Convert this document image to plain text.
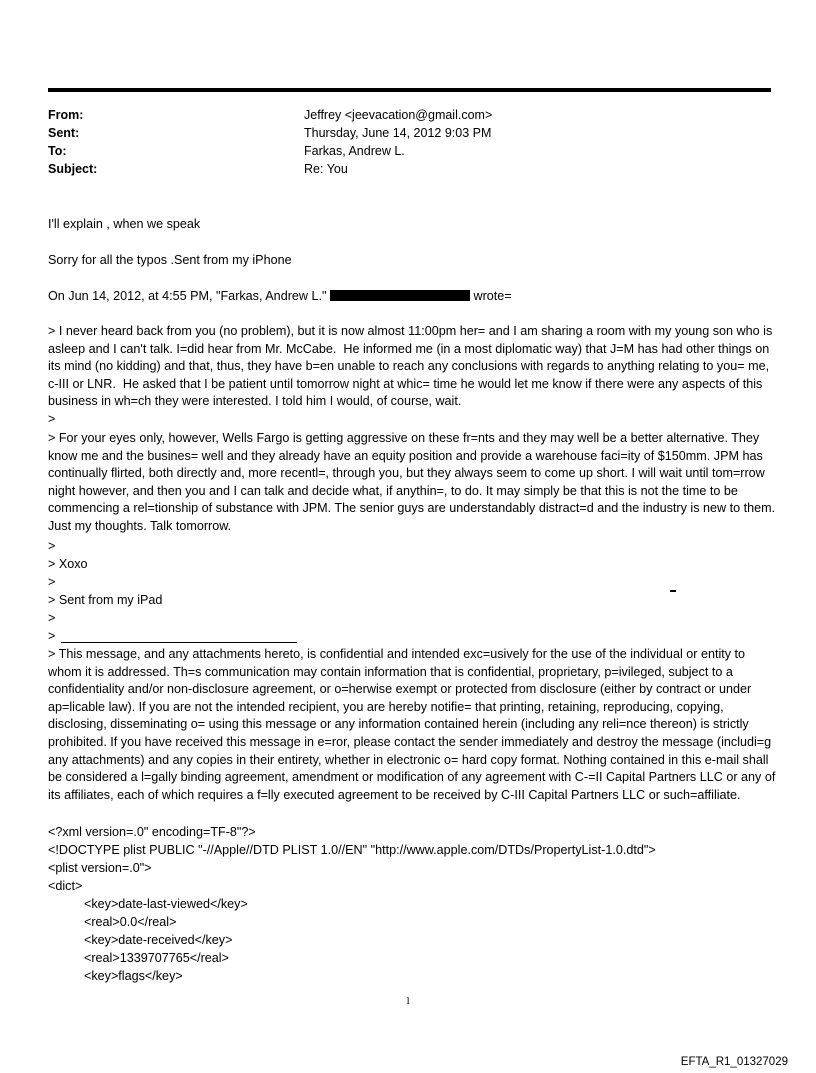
From:	Jeffrey <jeevacation@gmail.com>
Sent:	Thursday, June 14, 2012 9:03 PM
To:	Farkas, Andrew L.
Subject:	Re: You
I'll explain , when we speak
Sorry for all the typos .Sent from my iPhone
On Jun 14, 2012, at 4:55 PM, "Farkas, Andrew L."	wrote=
> I never heard back from you (no problem), but it is now almost 11:00pm her= and I am sharing a room with my young son who is asleep and I can't talk. I=did hear from Mr. McCabe.  He informed me (in a most diplomatic way) that J=M has had other things on its mind (no kidding) and that, thus, they have b=en unable to reach any conclusions with regards to anything relating to you= me, c-III or LNR.  He asked that I be patient until tomorrow night at whic= time he would let me know if there were any aspects of this business in wh=ch they were interested. I told him I would, of course, wait.
>
> For your eyes only, however, Wells Fargo is getting aggressive on these fr=nts and they may well be a better alternative. They know me and the busines= well and they already have an equity position and provide a warehouse faci=ity of $150mm. JPM has continually flirted, both directly and, more recentl=, through you, but they always seem to come up short. I will wait until tom=rrow night however, and then you and I can talk and decide what, if anythin=, to do. It may simply be that this is not the time to be commencing a rel=tionship of substance with JPM. The senior guys are understandably distract=d and the industry is new to them. Just my thoughts. Talk tomorrow.
>
> Xoxo
>
> Sent from my iPad
>
>
> This message, and any attachments hereto, is confidential and intended exc=usively for the use of the individual or entity to whom it is addressed. Th=s communication may contain information that is confidential, proprietary, p=ivileged, subject to a confidentiality and/or non-disclosure agreement, or o=herwise exempt or protected from disclosure (either by contract or under ap=licable law). If you are not the intended recipient, you are hereby notifie= that printing, retaining, reproducing, copying, disclosing, disseminating o= using this message or any information contained herein (including any reli=nce thereon) is strictly prohibited. If you have received this message in e=ror, please contact the sender immediately and destroy the message (includi=g any attachments) and any copies in their entirety, whether in electronic o= hard copy format. Nothing contained in this e-mail shall be considered a l=gally binding agreement, amendment or modification of any agreement with C-=II Capital Partners LLC or any of its affiliates, each of which requires a f=lly executed agreement to be received by C-III Capital Partners LLC or such=affiliate.
<?xml version=.0" encoding=TF-8"?>
<!DOCTYPE plist PUBLIC "-//Apple//DTD PLIST 1.0//EN" "http://www.apple.com/DTDs/PropertyList-1.0.dtd">
<plist version=.0">
<dict>
<key>date-last-viewed</key>
<real>0.0</real>
<key>date-received</key>
<real>1339707765</real>
<key>flags</key>
1
EFTA_R1_01327029
